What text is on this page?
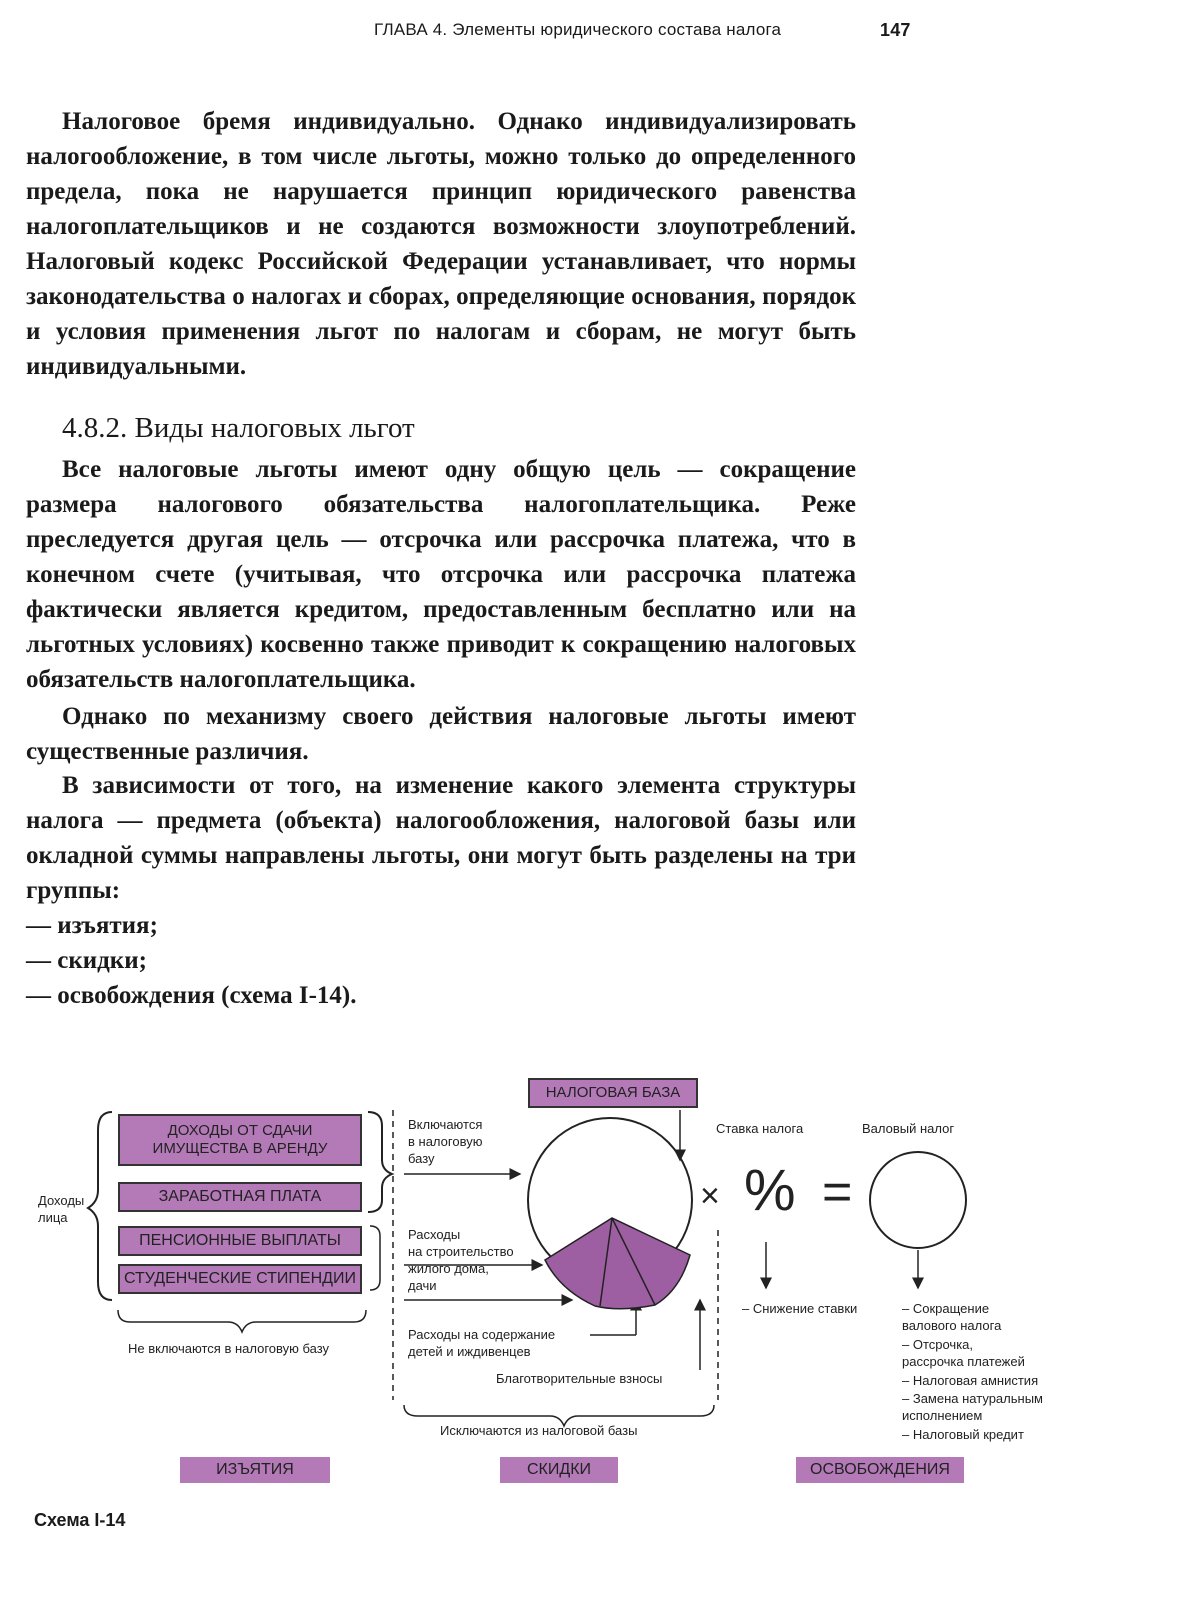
ГЛАВА 4. Элементы юридического состава налога	147

Налоговое бремя индивидуально. Однако индивидуализировать налогообложение, в том числе льготы, можно только до определенного предела, пока не нарушается принцип юридического равенства налогоплательщиков и не создаются возможности злоупотреблений. Налоговый кодекс Российской Федерации устанавливает, что нормы законодательства о налогах и сборах, определяющие основания, порядок и условия применения льгот по налогам и сборам, не могут быть индивидуальными.

4.8.2. Виды налоговых льгот

Все налоговые льготы имеют одну общую цель — сокращение размера налогового обязательства налогоплательщика. Реже преследуется другая цель — отсрочка или рассрочка платежа, что в конечном счете (учитывая, что отсрочка или рассрочка платежа фактически является кредитом, предоставленным бесплатно или на льготных условиях) косвенно также приводит к сокращению налоговых обязательств налогоплательщика.

Однако по механизму своего действия налоговые льготы имеют существенные различия.

В зависимости от того, на изменение какого элемента структуры налога — предмета (объекта) налогообложения, налоговой базы или окладной суммы направлены льготы, они могут быть разделены на три группы:

— изъятия;
— скидки;
— освобождения (схема I-14).
Доходы
лица
ДОХОДЫ ОТ СДАЧИ
ИМУЩЕСТВА В АРЕНДУ
ЗАРАБОТНАЯ ПЛАТА
ПЕНСИОННЫЕ ВЫПЛАТЫ
СТУДЕНЧЕСКИЕ СТИПЕНДИИ
Не включаются в налоговую базу
Включаются
в налоговую
базу
НАЛОГОВАЯ БАЗА
Расходы
на строительство
жилого дома,
дачи
Расходы на содержание
детей и иждивенцев
Благотворительные взносы
Исключаются из налоговой базы
Ставка налога	Валовый налог
× % =
– Снижение ставки	– Сокращение
валового налога
– Отсрочка,
рассрочка платежей
– Налоговая амнистия
– Замена натуральным
исполнением
– Налоговый кредит
ИЗЪЯТИЯ	СКИДКИ	ОСВОБОЖДЕНИЯ
Схема I-14
